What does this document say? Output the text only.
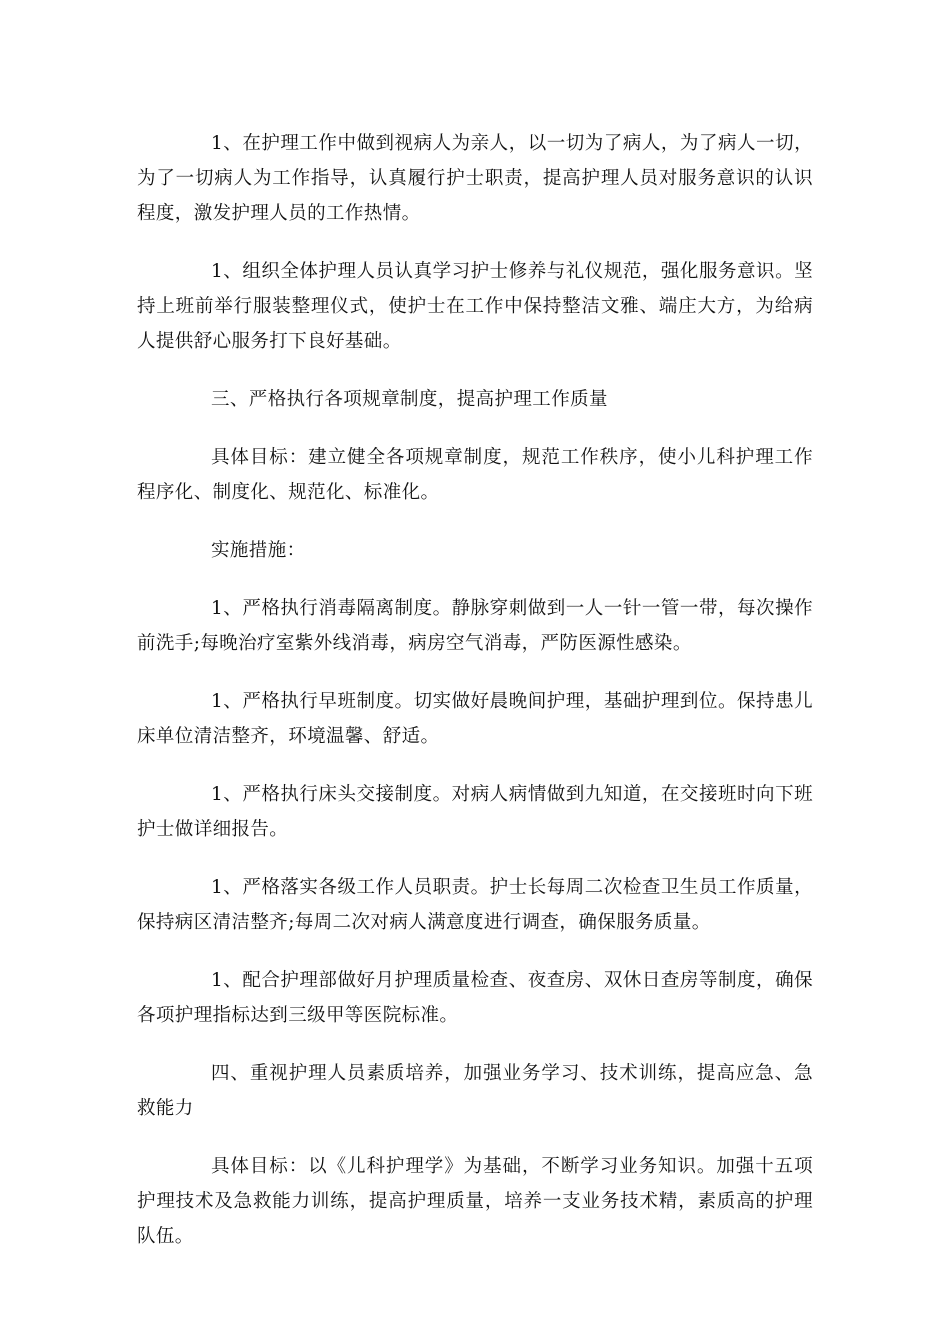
1、在护理工作中做到视病人为亲人，以一切为了病人，为了病人一切，为了一切病人为工作指导，认真履行护士职责，提高护理人员对服务意识的认识程度，激发护理人员的工作热情。

1、组织全体护理人员认真学习护士修养与礼仪规范，强化服务意识。坚持上班前举行服装整理仪式，使护士在工作中保持整洁文雅、端庄大方，为给病人提供舒心服务打下良好基础。

三、严格执行各项规章制度，提高护理工作质量

具体目标：建立健全各项规章制度，规范工作秩序，使小儿科护理工作程序化、制度化、规范化、标准化。

实施措施：

1、严格执行消毒隔离制度。静脉穿刺做到一人一针一管一带，每次操作前洗手;每晚治疗室紫外线消毒，病房空气消毒，严防医源性感染。

1、严格执行早班制度。切实做好晨晚间护理，基础护理到位。保持患儿床单位清洁整齐，环境温馨、舒适。

1、严格执行床头交接制度。对病人病情做到九知道，在交接班时向下班护士做详细报告。

1、严格落实各级工作人员职责。护士长每周二次检查卫生员工作质量，保持病区清洁整齐;每周二次对病人满意度进行调查，确保服务质量。

1、配合护理部做好月护理质量检查、夜查房、双休日查房等制度，确保各项护理指标达到三级甲等医院标准。

四、重视护理人员素质培养，加强业务学习、技术训练，提高应急、急救能力

具体目标：以《儿科护理学》为基础，不断学习业务知识。加强十五项护理技术及急救能力训练，提高护理质量，培养一支业务技术精，素质高的护理队伍。
